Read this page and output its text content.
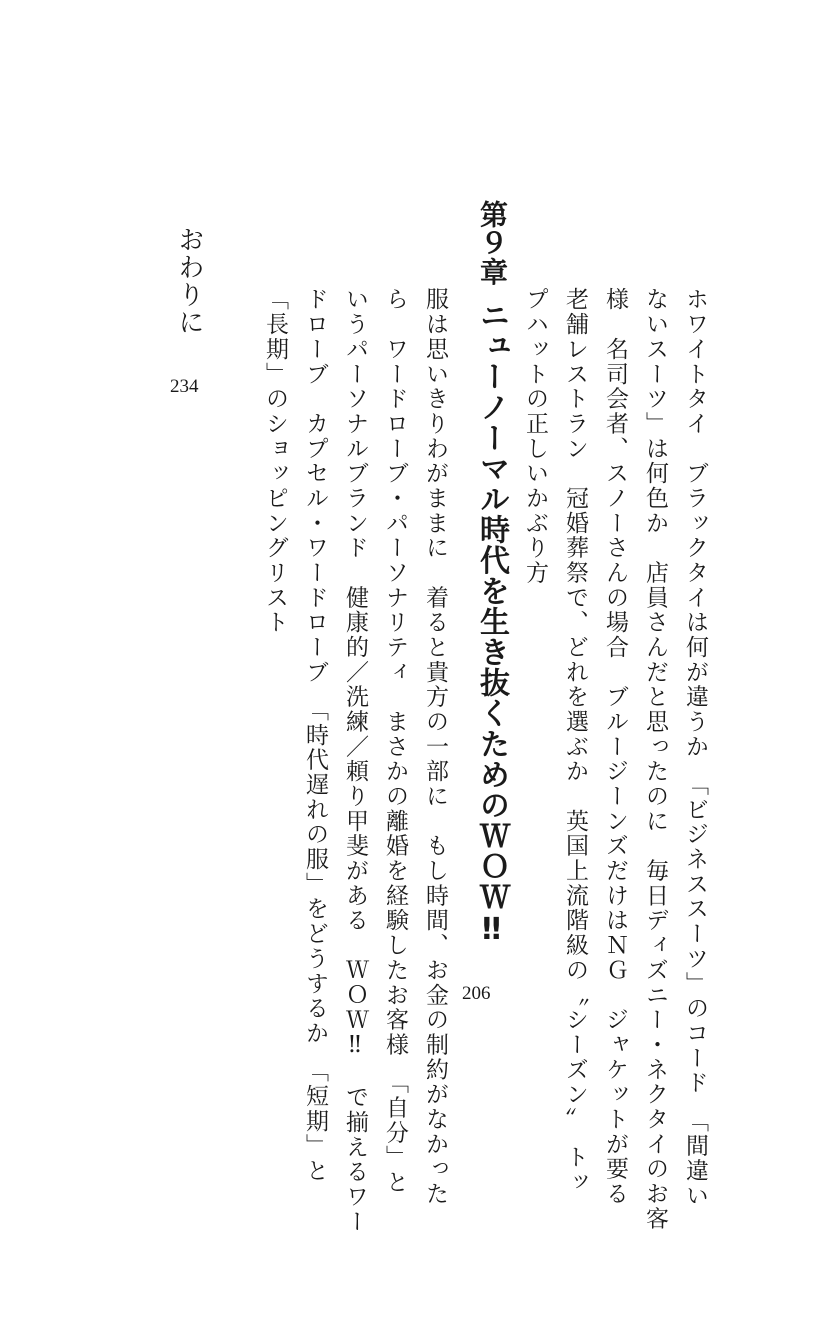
ホワイトタイ　ブラックタイは何が違うか　「ビジネススーツ」のコード　「間違い
ないスーツ」は何色か　店員さんだと思ったのに　毎日ディズニー・ネクタイのお客
様　名司会者、スノーさんの場合　ブルージーンズだけはＮＧ　ジャケットが要る
老舗レストラン　冠婚葬祭で、どれを選ぶか　英国上流階級の〝シーズン〟　トッ
プハットの正しいかぶり方
第９章
ニューノーマル時代を生き抜くためのＷＯＷ‼
206
服は思いきりわがままに　着ると貴方の一部に　もし時間、お金の制約がなかった
ら　ワードローブ・パーソナリティ　まさかの離婚を経験したお客様　「自分」と
いうパーソナルブランド　健康的／洗練／頼り甲斐がある　ＷＯＷ‼　で揃えるワー
ドローブ　カプセル・ワードローブ　「時代遅れの服」をどうするか　「短期」と
「長期」のショッピングリスト
おわりに
234
